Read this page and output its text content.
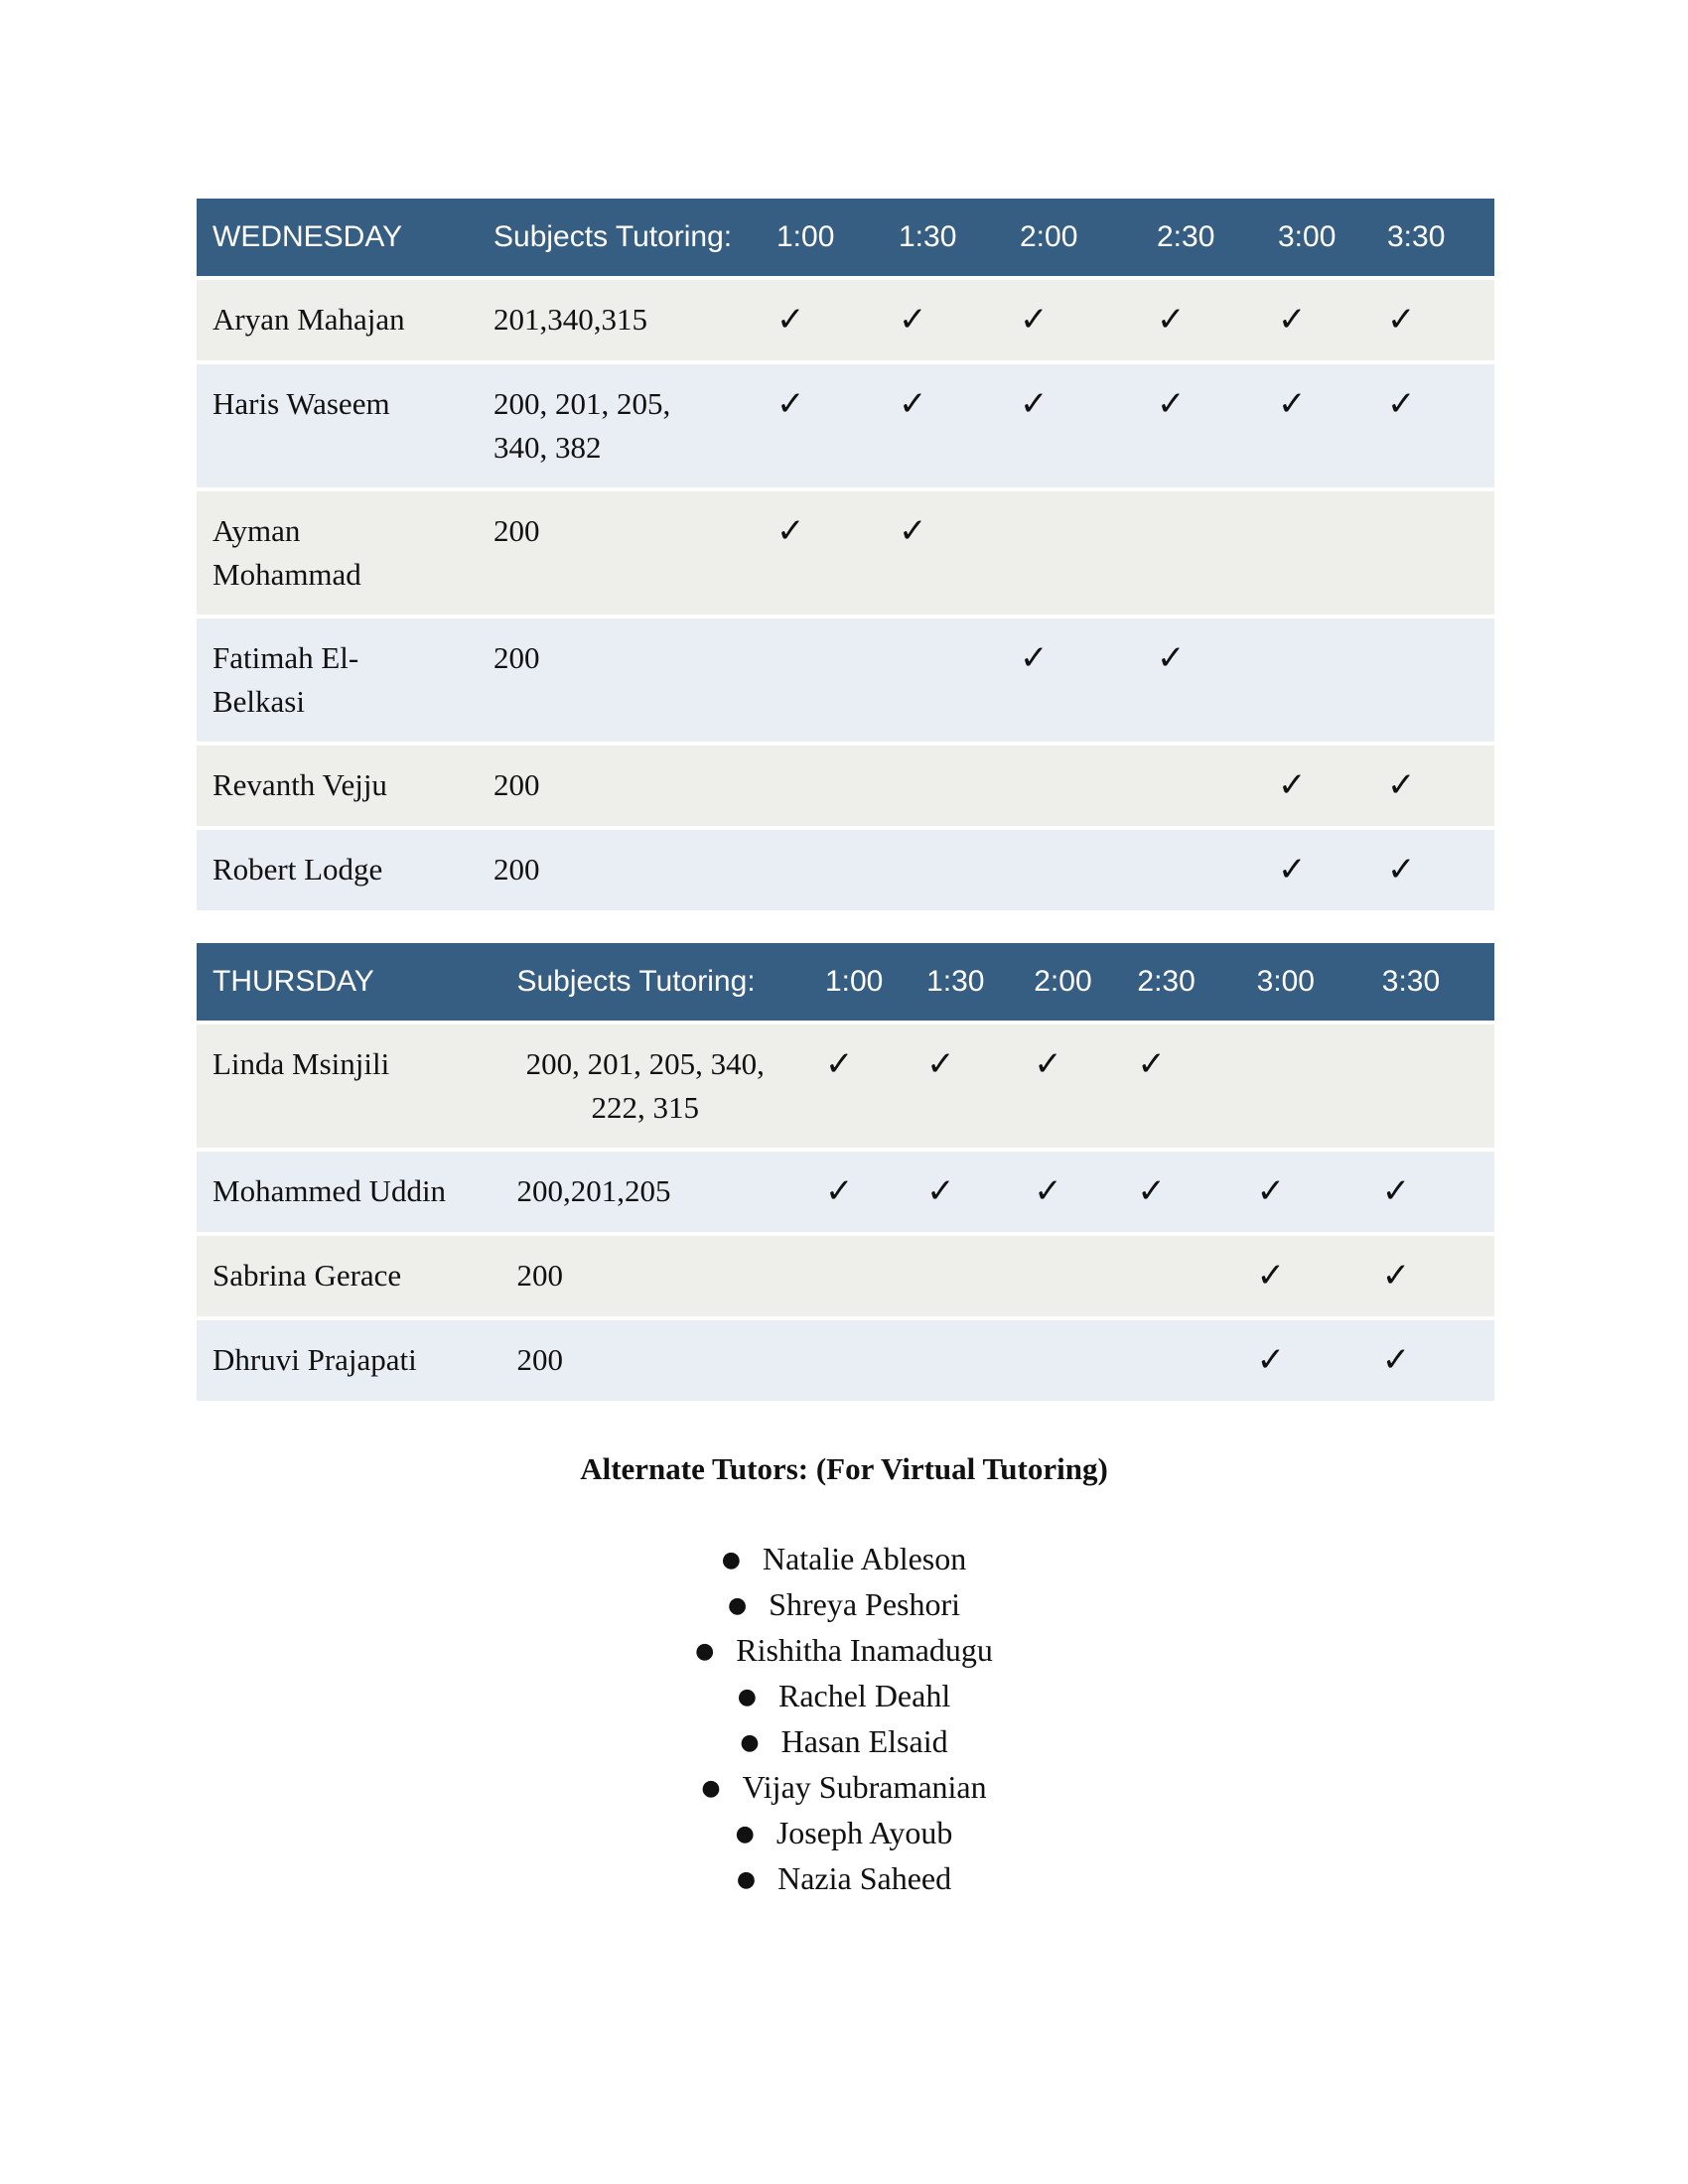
WEDNESDAY	Subjects Tutoring:	1:00	1:30	2:00	2:30	3:00	3:30
Aryan Mahajan	201,340,315	✓	✓	✓	✓	✓	✓
Haris Waseem	200, 201, 205, 340, 382	✓	✓	✓	✓	✓	✓
Ayman Mohammad	200	✓	✓				
Fatimah El-Belkasi	200			✓	✓		
Revanth Vejju	200					✓	✓
Robert Lodge	200					✓	✓
THURSDAY	Subjects Tutoring:	1:00	1:30	2:00	2:30	3:00	3:30
Linda Msinjili	200, 201, 205, 340, 222, 315	✓	✓	✓	✓		
Mohammed Uddin	200,201,205	✓	✓	✓	✓	✓	✓
Sabrina Gerace	200					✓	✓
Dhruvi Prajapati	200					✓	✓
Alternate Tutors: (For Virtual Tutoring)
● Natalie Ableson
● Shreya Peshori
● Rishitha Inamadugu
● Rachel Deahl
● Hasan Elsaid
● Vijay Subramanian
● Joseph Ayoub
● Nazia Saheed
